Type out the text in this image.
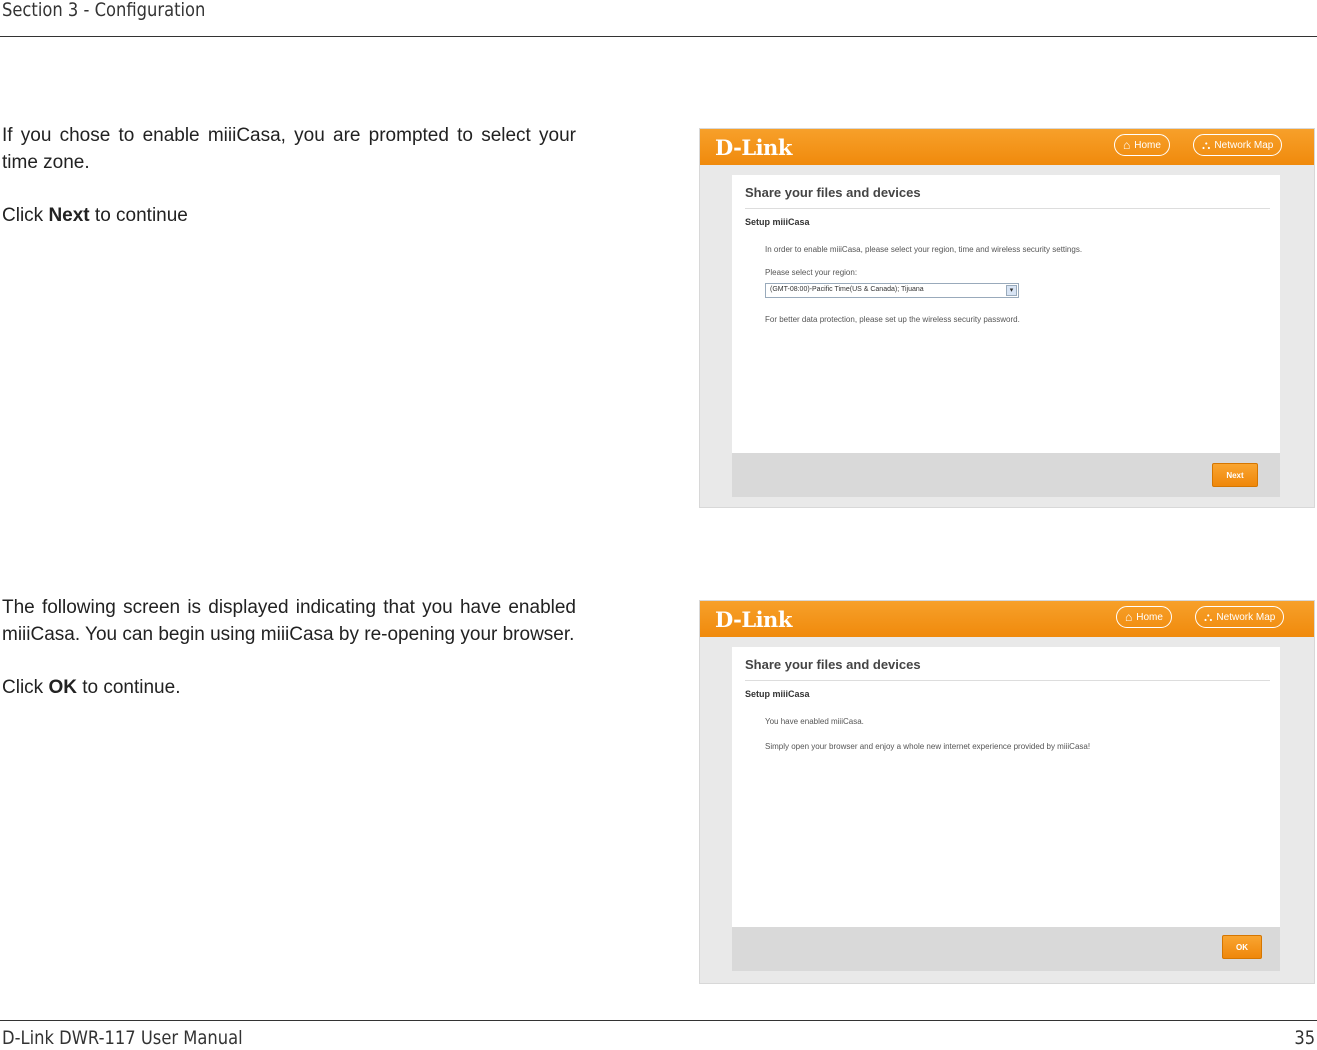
Section 3 - Configuration

If you chose to enable miiiCasa, you are prompted to select your time zone.

Click Next to continue

The following screen is displayed indicating that you have enabled miiiCasa. You can begin using miiiCasa by re-opening your browser.

Click OK to continue.

D-Link	⌂ Home	⛬ Network Map
Share your files and devices
Setup miiiCasa
In order to enable miiiCasa, please select your region, time and wireless security settings.
Please select your region:
(GMT-08:00)-Pacific Time(US & Canada); Tijuana	▾
For better data protection, please set up the wireless security password.
Next
D-Link	⌂ Home	⛬ Network Map
Share your files and devices
Setup miiiCasa
You have enabled miiiCasa.
Simply open your browser and enjoy a whole new internet experience provided by miiiCasa!
OK
D-Link DWR-117 User Manual	35
